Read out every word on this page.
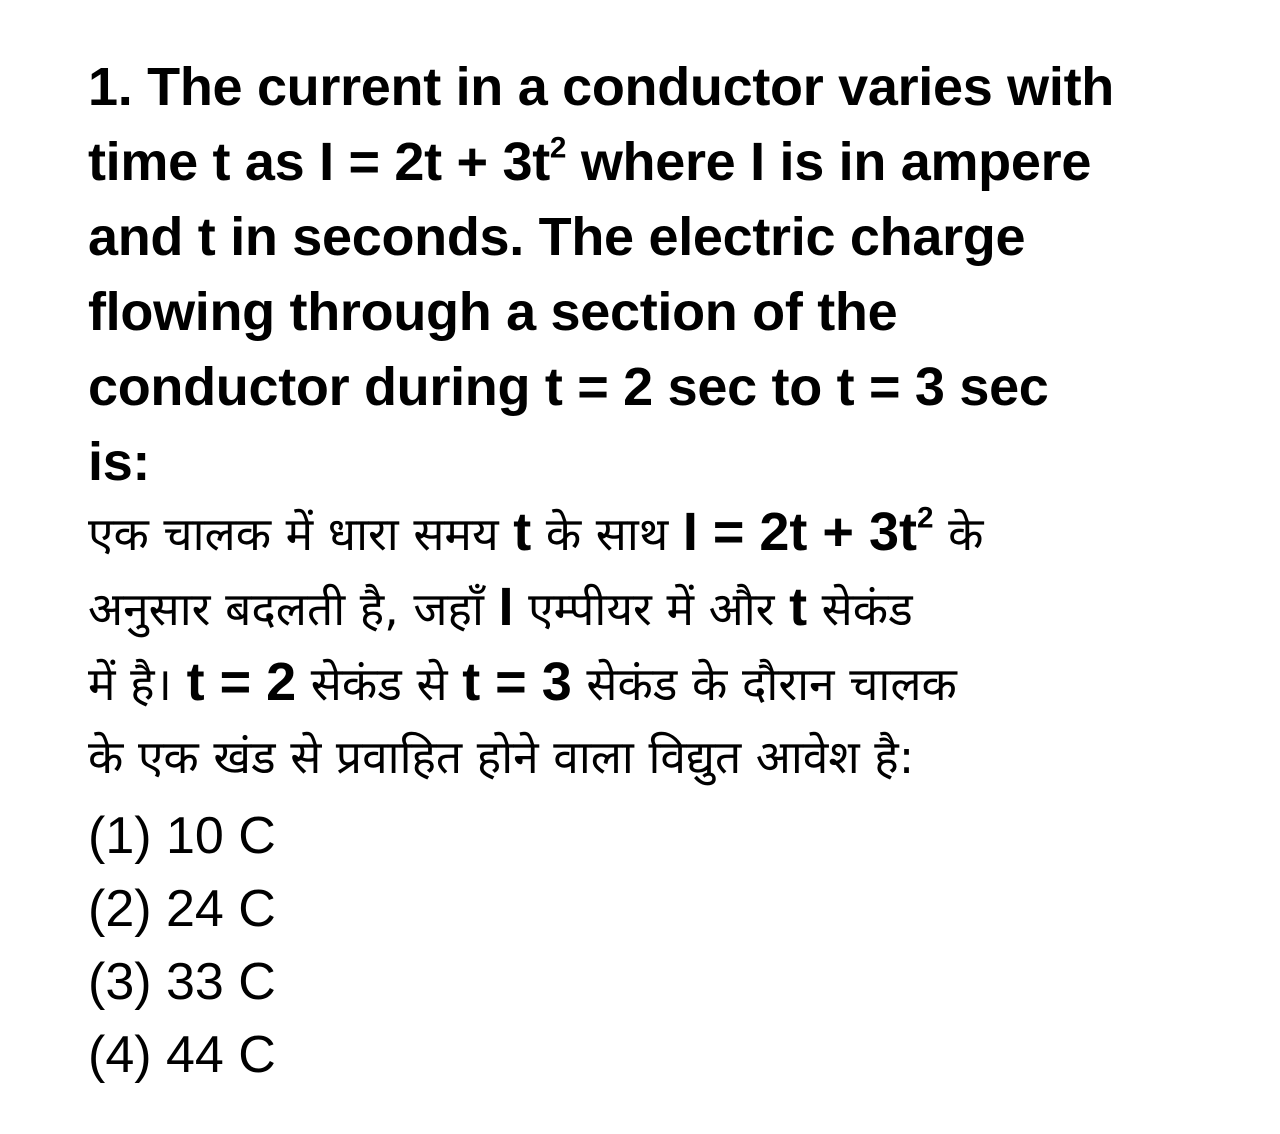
1. The current in a conductor varies with
time t as $I = 2t + 3t^2$ where I is in ampere
and t in seconds. The electric charge
flowing through a section of the
conductor during t = 2 sec to t = 3 sec
is:
एक चालक में धारा समय t के साथ $I = 2t + 3t^2$ के
अनुसार बदलती है, जहाँ I एम्पीयर में और t सेकंड
में है। t = 2 सेकंड से t = 3 सेकंड के दौरान चालक
के एक खंड से प्रवाहित होने वाला विद्युत आवेश है:
(1) 10 C
(2) 24 C
(3) 33 C
(4) 44 C
